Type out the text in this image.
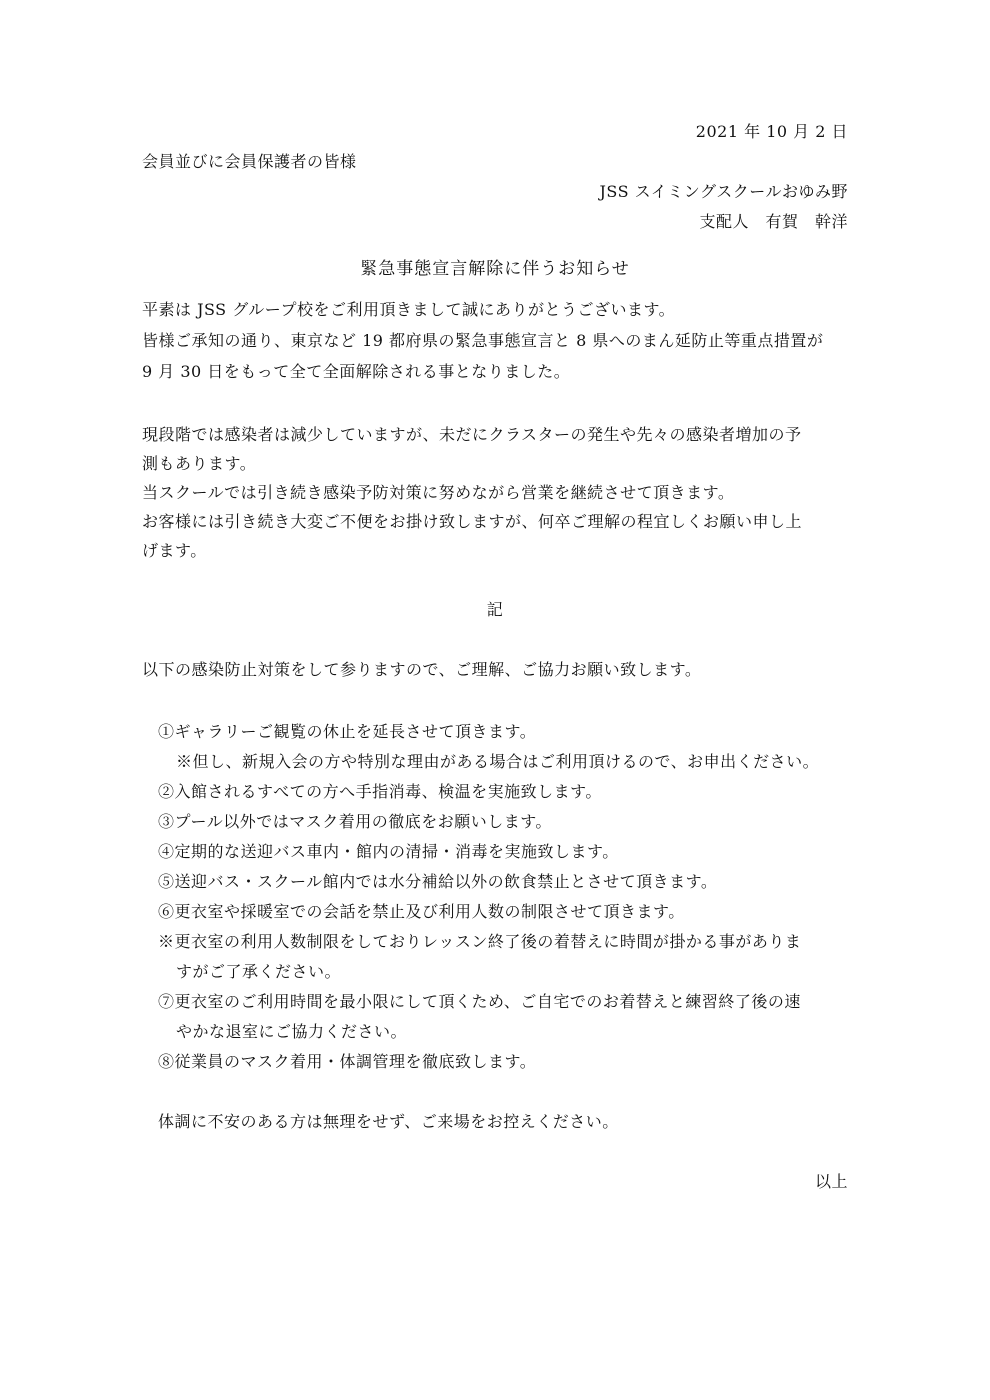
2021 年 10 月 2 日
会員並びに会員保護者の皆様
JSS スイミングスクールおゆみ野
支配人　有賀　幹洋
緊急事態宣言解除に伴うお知らせ
平素は JSS グループ校をご利用頂きまして誠にありがとうございます。
皆様ご承知の通り、東京など 19 都府県の緊急事態宣言と 8 県へのまん延防止等重点措置が
9 月 30 日をもって全て全面解除される事となりました。
現段階では感染者は減少していますが、未だにクラスターの発生や先々の感染者増加の予
測もあります。
当スクールでは引き続き感染予防対策に努めながら営業を継続させて頂きます。
お客様には引き続き大変ご不便をお掛け致しますが、何卒ご理解の程宜しくお願い申し上
げます。
記
以下の感染防止対策をして参りますので、ご理解、ご協力お願い致します。
①ギャラリーご観覧の休止を延長させて頂きます。
※但し、新規入会の方や特別な理由がある場合はご利用頂けるので、お申出ください。
②入館されるすべての方へ手指消毒、検温を実施致します。
③プール以外ではマスク着用の徹底をお願いします。
④定期的な送迎バス車内・館内の清掃・消毒を実施致します。
⑤送迎バス・スクール館内では水分補給以外の飲食禁止とさせて頂きます。
⑥更衣室や採暖室での会話を禁止及び利用人数の制限させて頂きます。
※更衣室の利用人数制限をしておりレッスン終了後の着替えに時間が掛かる事がありま
すがご了承ください。
⑦更衣室のご利用時間を最小限にして頂くため、ご自宅でのお着替えと練習終了後の速
やかな退室にご協力ください。
⑧従業員のマスク着用・体調管理を徹底致します。
体調に不安のある方は無理をせず、ご来場をお控えください。
以上
